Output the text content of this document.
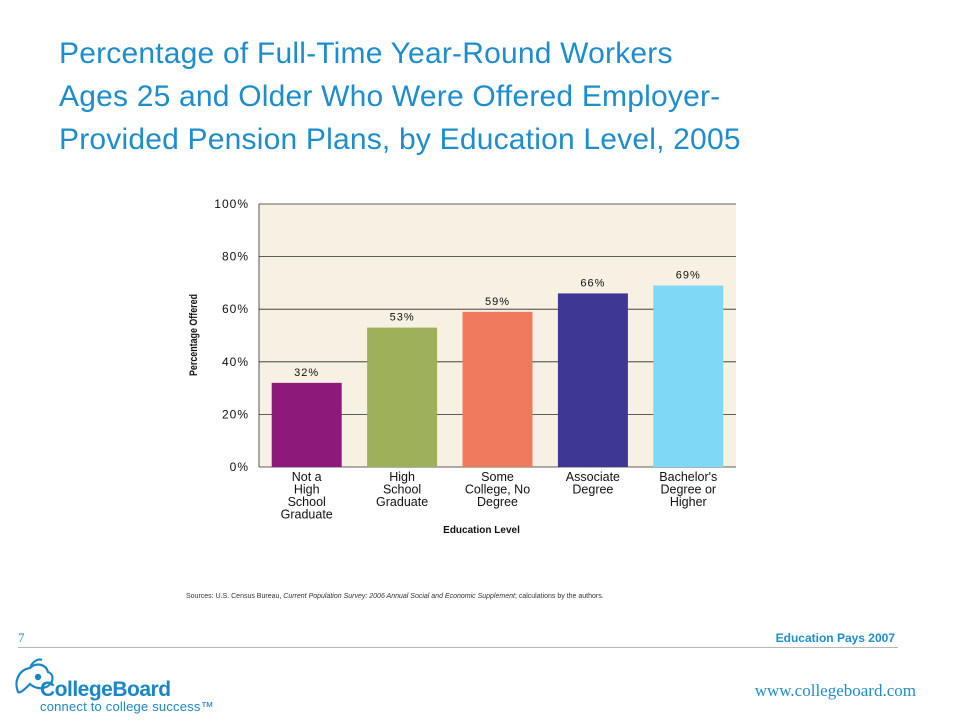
Percentage of Full-Time Year-Round Workers
Ages 25 and Older Who Were Offered Employer-
Provided Pension Plans, by Education Level, 2005
0%
20%
40%
60%
80%
100%
Percentage Offered	32%
Not a
High
School
Graduate
53%
High
School
Graduate
59%
Some
College, No
Degree
66%
Associate
Degree
69%
Bachelor's
Degree or
Higher
Education Level
Sources: U.S. Census Bureau, Current Population Survey: 2006 Annual Social and Economic Supplement; calculations by the authors.
7	Education Pays 2007
CollegeBoard
connect to college success™
www.collegeboard.com
